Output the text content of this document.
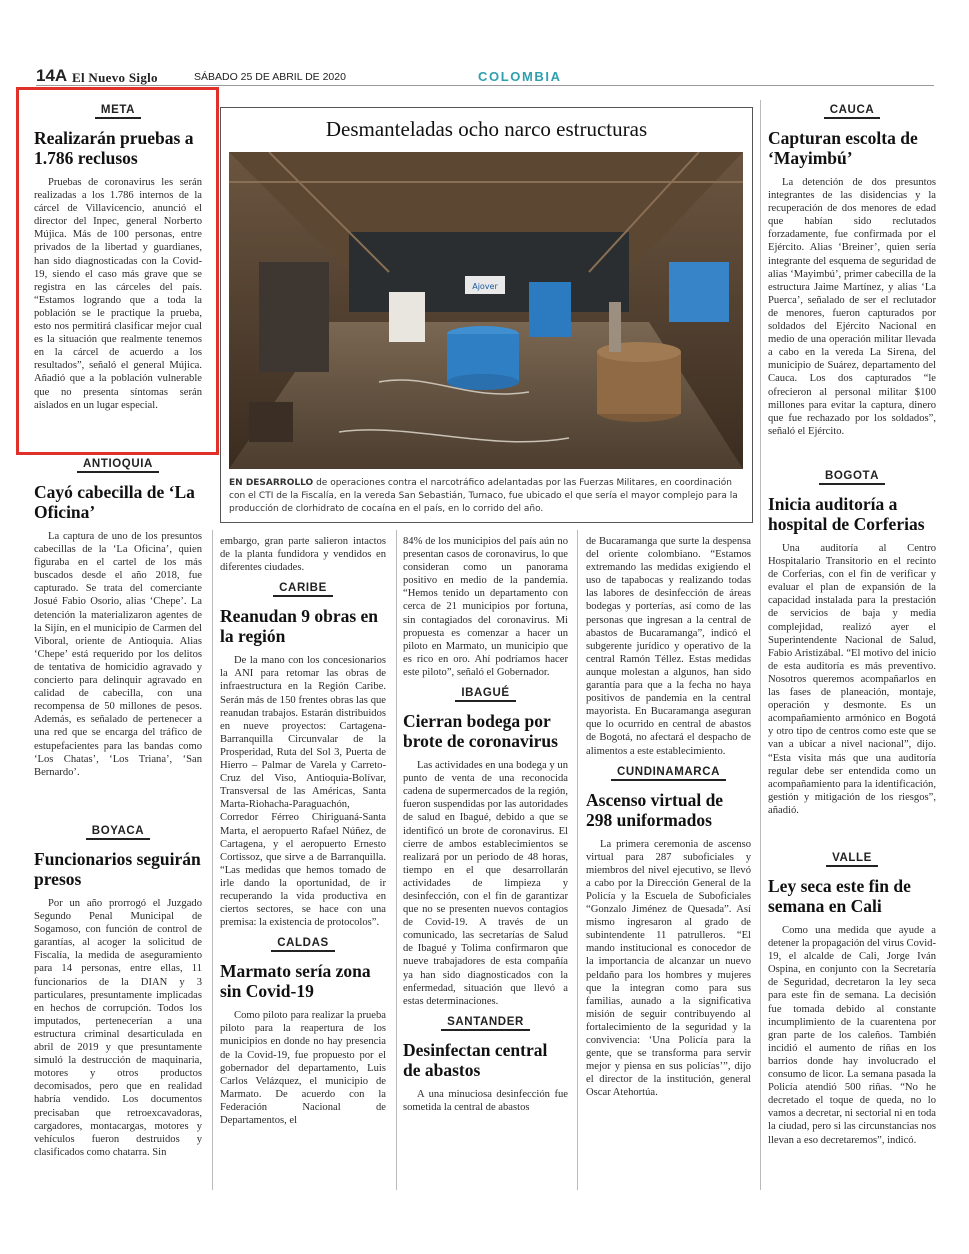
14A El Nuevo Siglo	SÁBADO 25 DE ABRIL DE 2020	COLOMBIA
META
Realizarán pruebas a 1.786 reclusos

Pruebas de coronavirus les serán realizadas a los 1.786 internos de la cárcel de Villavicencio, anunció el director del Inpec, general Norberto Mújica. Más de 100 personas, entre privados de la libertad y guardianes, han sido diagnosticadas con la Covid-19, siendo el caso más grave que se registra en las cárceles del país. “Estamos logrando que a toda la población se le practique la prueba, esto nos permitirá clasificar mejor cual es la situación que realmente tenemos en la cárcel de acuerdo a los resultados”, señaló el general Mújica. Añadió que a la población vulnerable que no presenta síntomas serán aislados en un lugar especial.

ANTIOQUIA
Cayó cabecilla de ‘La Oficina’

La captura de uno de los presuntos cabecillas de la ‘La Oficina’, quien figuraba en el cartel de los más buscados desde el año 2018, fue capturado. Se trata del comerciante Josué Fabio Osorio, alias ‘Chepe’. La detención la materializaron agentes de la Sijín, en el municipio de Carmen del Viboral, oriente de Antioquia. Alias ‘Chepe’ está requerido por los delitos de tentativa de homicidio agravado y concierto para delinquir agravado en calidad de cabecilla, con una recompensa de 50 millones de pesos. Además, es señalado de pertenecer a una red que se encarga del tráfico de estupefacientes para las bandas como ‘Los Chatas’, ‘Los Triana’, ‘San Bernardo’.

BOYACÁ
Funcionarios seguirán presos

Por un año prorrogó el Juzgado Segundo Penal Municipal de Sogamoso, con función de control de garantías, al acoger la solicitud de Fiscalía, la medida de aseguramiento para 14 personas, entre ellas, 11 funcionarios de la DIAN y 3 particulares, presuntamente implicadas en hechos de corrupción. Todos los imputados, pertenecerían a una estructura criminal desarticulada en abril de 2019 y que presuntamente simuló la destrucción de maquinaria, motores y otros productos decomisados, pero que en realidad habría vendido. Los documentos precisaban que retroexcavadoras, cargadores, montacargas, motores y vehículos fueron destruidos y clasificados como chatarra. Sin

Desmanteladas ocho narco estructuras
Ajover
EN DESARROLLO de operaciones contra el narcotráfico adelantadas por las Fuerzas Militares, en coordinación con el CTI de la Fiscalía, en la vereda San Sebastián, Tumaco, fue ubicado el que sería el mayor complejo para la producción de clorhidrato de cocaína en el país, en lo corrido del año.

embargo, gran parte salieron intactos de la planta fundidora y vendidos en diferentes ciudades.

CARIBE
Reanudan 9 obras en la región

De la mano con los concesionarios la ANI para retomar las obras de infraestructura en la Región Caribe. Serán más de 150 frentes obras las que reanudan trabajos. Estarán distribuidos en nueve proyectos: Cartagena-Barranquilla Circunvalar de la Prosperidad, Ruta del Sol 3, Puerta de Hierro – Palmar de Varela y Carreto-Cruz del Viso, Antioquia-Bolívar, Transversal de las Américas, Santa Marta-Riohacha-Paraguachón, Corredor Férreo Chiriguaná-Santa Marta, el aeropuerto Rafael Núñez, de Cartagena, y el aeropuerto Ernesto Cortissoz, que sirve a de Barranquilla. “Las medidas que hemos tomado de irle dando la oportunidad, de ir recuperando la vida productiva en ciertos sectores, se hace con una premisa: la existencia de protocolos”.

CALDAS
Marmato sería zona sin Covid-19

Como piloto para realizar la prueba piloto para la reapertura de los municipios en donde no hay presencia de la Covid-19, fue propuesto por el gobernador del departamento, Luis Carlos Velázquez, el municipio de Marmato. De acuerdo con la Federación Nacional de Departamentos, el

84% de los municipios del país aún no presentan casos de coronavirus, lo que consideran como un panorama positivo en medio de la pandemia. “Hemos tenido un departamento con cerca de 21 municipios por fortuna, sin contagiados del coronavirus. Mi propuesta es comenzar a hacer un piloto en Marmato, un municipio que es rico en oro. Ahí podríamos hacer este piloto”, señaló el Gobernador.

IBAGUÉ
Cierran bodega por brote de coronavirus

Las actividades en una bodega y un punto de venta de una reconocida cadena de supermercados de la región, fueron suspendidas por las autoridades de salud en Ibagué, debido a que se identificó un brote de coronavirus. El cierre de ambos establecimientos se realizará por un periodo de 48 horas, tiempo en el que desarrollarán actividades de limpieza y desinfección, con el fin de garantizar que no se presenten nuevos contagios de Covid-19. A través de un comunicado, las secretarías de Salud de Ibagué y Tolima confirmaron que nueve trabajadores de esta compañía ya han sido diagnosticados con la enfermedad, situación que llevó a estas determinaciones.

SANTANDER
Desinfectan central de abastos

A una minuciosa desinfección fue sometida la central de abastos

de Bucaramanga que surte la despensa del oriente colombiano. “Estamos extremando las medidas exigiendo el uso de tapabocas y realizando todas las labores de desinfección de áreas bodegas y porterías, así como de las personas que ingresan a la central de abastos de Bucaramanga”, indicó el subgerente jurídico y operativo de la central Ramón Téllez. Estas medidas aunque molestan a algunos, han sido garantía para que a la fecha no haya positivos de pandemia en la central mayorista. En Bucaramanga aseguran que lo ocurrido en central de abastos de Bogotá, no afectará el despacho de alimentos a este establecimiento.

CUNDINAMARCA
Ascenso virtual de 298 uniformados

La primera ceremonia de ascenso virtual para 287 suboficiales y miembros del nivel ejecutivo, se llevó a cabo por la Dirección General de la Policía y la Escuela de Suboficiales “Gonzalo Jiménez de Quesada”. Así mismo ingresaron al grado de subintendente 11 patrulleros. “El mando institucional es conocedor de la importancia de alcanzar un nuevo peldaño para los hombres y mujeres que la integran como para sus familias, aunado a la significativa misión de seguir contribuyendo al fortalecimiento de la seguridad y la convivencia: ‘Una Policía para la gente, que se transforma para servir mejor y piensa en sus policías’”, dijo el director de la institución, general Oscar Atehortúa.

CAUCA
Capturan escolta de ‘Mayimbú’

La detención de dos presuntos integrantes de las disidencias y la recuperación de dos menores de edad que habían sido reclutados forzadamente, fue confirmada por el Ejército. Alias ‘Breiner’, quien sería integrante del esquema de seguridad de alias ‘Mayimbú’, primer cabecilla de la estructura Jaime Martínez, y alias ‘La Puerca’, señalado de ser el reclutador de menores, fueron capturados por soldados del Ejército Nacional en medio de una operación militar llevada a cabo en la vereda La Sirena, del municipio de Suárez, departamento del Cauca. Los dos capturados “le ofrecieron al personal militar $100 millones para evitar la captura, dinero que fue rechazado por los soldados”, señaló el Ejército.

BOGOTÁ
Inicia auditoría a hospital de Corferias

Una auditoría al Centro Hospitalario Transitorio en el recinto de Corferias, con el fin de verificar y evaluar el plan de expansión de la capacidad instalada para la prestación de servicios de baja y media complejidad, realizó ayer el Superintendente Nacional de Salud, Fabio Aristizábal. “El motivo del inicio de esta auditoría es más preventivo. Nosotros queremos acompañarlos en las fases de planeación, montaje, operación y desmonte. Es un acompañamiento armónico en Bogotá y otro tipo de centros como este que se van a ubicar a nivel nacional”, dijo. “Esta visita más que una auditoría regular debe ser entendida como un acompañamiento para la identificación, gestión y mitigación de los riesgos”, añadió.

VALLE
Ley seca este fin de semana en Cali

Como una medida que ayude a detener la propagación del virus Covid-19, el alcalde de Cali, Jorge Iván Ospina, en conjunto con la Secretaría de Seguridad, decretaron la ley seca para este fin de semana. La decisión fue tomada debido al constante incumplimiento de la cuarentena por gran parte de los caleños. También incidió el aumento de riñas en los barrios donde hay involucrado el consumo de licor. La semana pasada la Policía atendió 500 riñas. “No he decretado el toque de queda, no lo vamos a decretar, ni sectorial ni en toda la ciudad, pero si las circunstancias nos llevan a eso decretaremos”, indicó.
